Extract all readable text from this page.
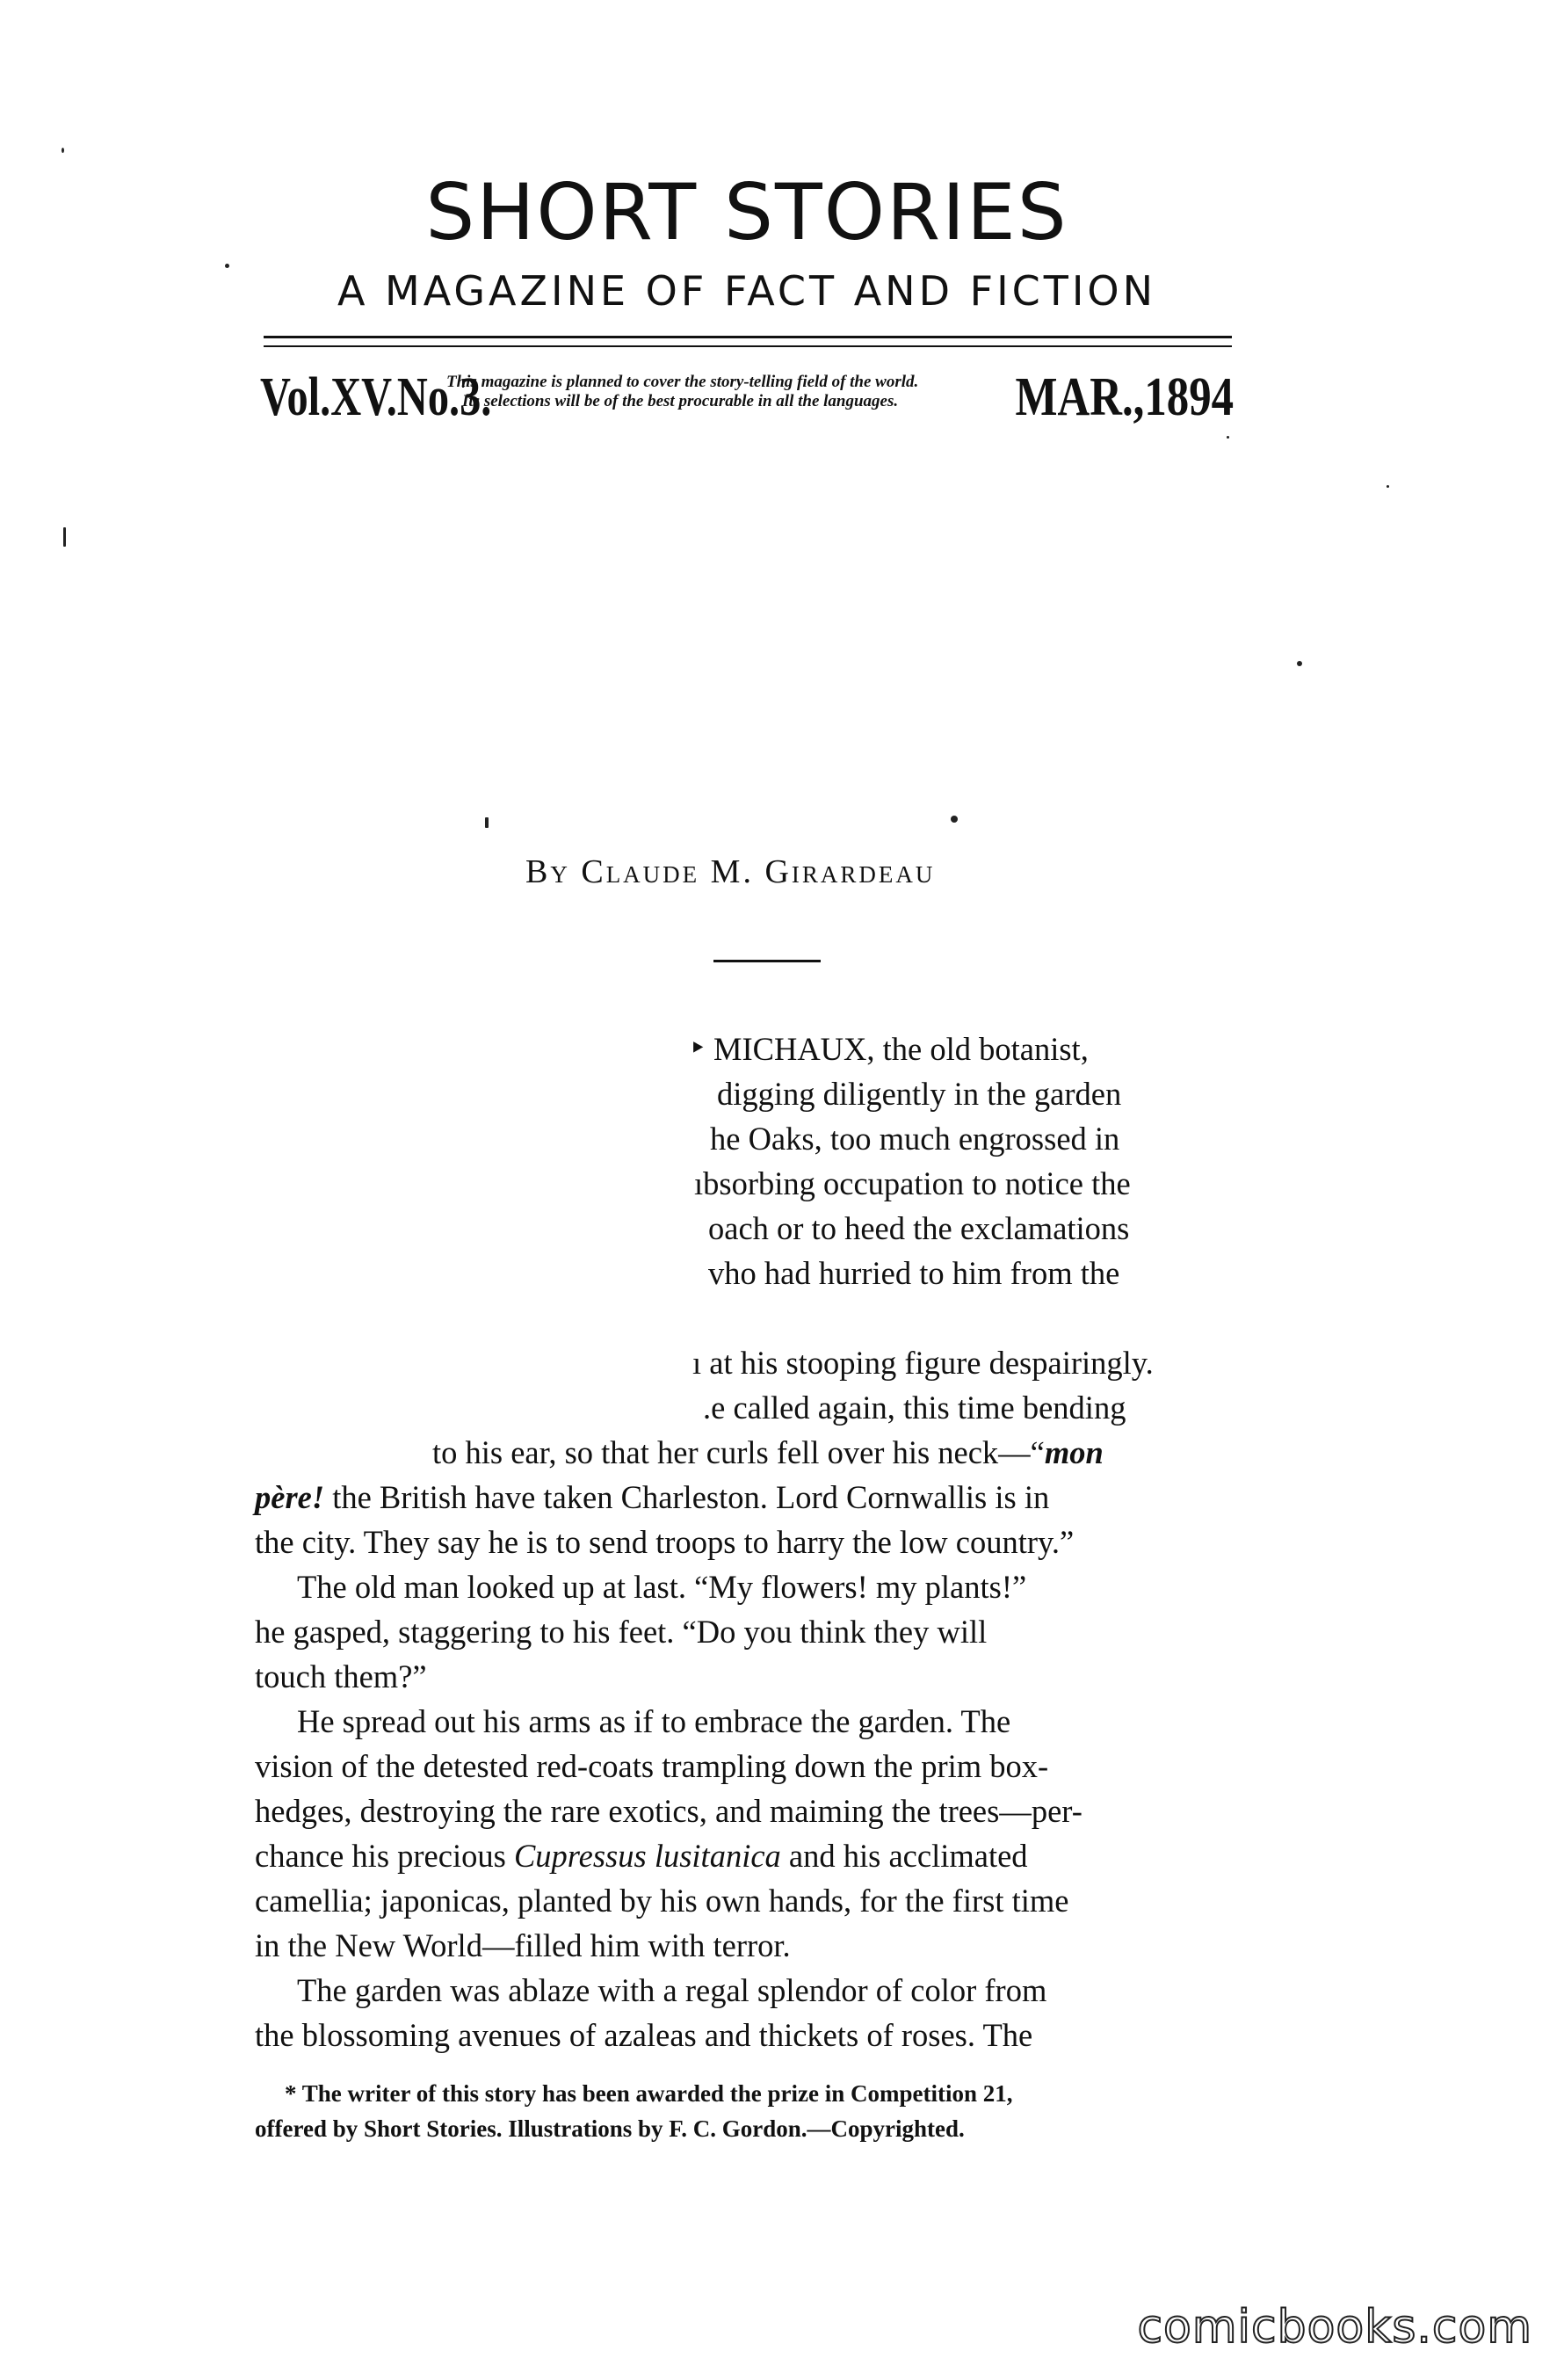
SHORT STORIES
A MAGAZINE OF FACT AND FICTION
Vol.XV.No.3.
This magazine is planned to cover the story-telling field of the world.
Its selections will be of the best procurable in all the languages.	MAR.,1894
By Claude M. Girardeau
‣ MICHAUX, the old botanist,
digging diligently in the garden
he Oaks, too much engrossed in
ıbsorbing occupation to notice the
oach or to heed the exclamations
vho had hurried to him from the
ı at his stooping figure despairingly.
.e called again, this time bending
to his ear, so that her curls fell over his neck—“mon
père! the British have taken Charleston. Lord Cornwallis is in
the city. They say he is to send troops to harry the low country.”
The old man looked up at last. “My flowers! my plants!”
he gasped, staggering to his feet. “Do you think they will
touch them?”
He spread out his arms as if to embrace the garden. The
vision of the detested red-coats trampling down the prim box-
hedges, destroying the rare exotics, and maiming the trees—per-
chance his precious Cupressus lusitanica and his acclimated
camellia; japonicas, planted by his own hands, for the first time
in the New World—filled him with terror.
The garden was ablaze with a regal splendor of color from
the blossoming avenues of azaleas and thickets of roses. The
* The writer of this story has been awarded the prize in Competition 21,
offered by Short Stories. Illustrations by F. C. Gordon.—Copyrighted.
comicbooks.com
